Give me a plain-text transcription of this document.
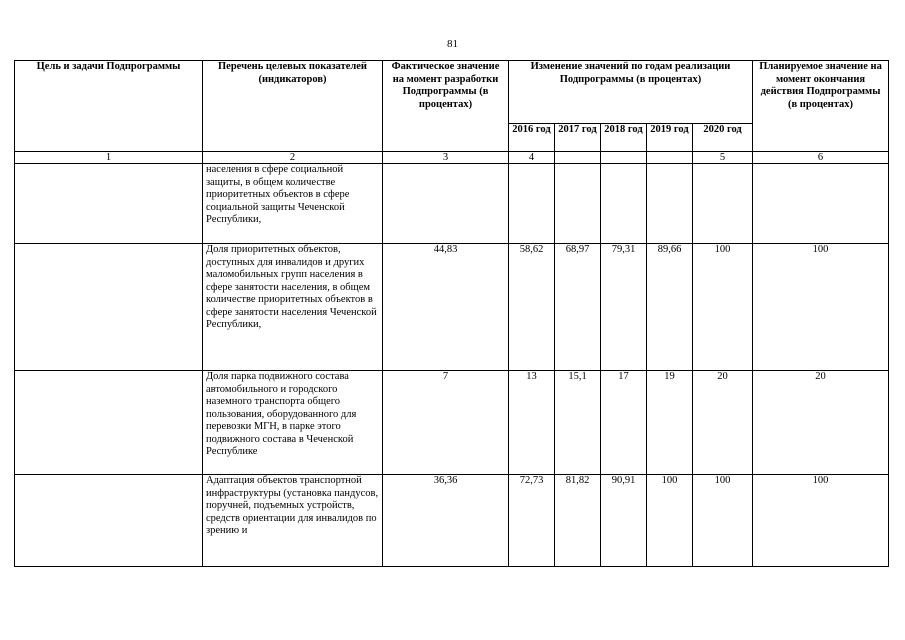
81
Цель и задачи Подпрограммы	Перечень целевых показателей (индикаторов)	Фактическое значение на момент разработки Подпрограммы (в процентах)	Изменение значений по годам реализации Подпрограммы (в процентах)					Планируемое значение на момент окончания действия Подпрограммы (в процентах)
			2016 год	2017 год	2018 год	2019 год	2020 год	
1	2	3	4				5	6
	населения в сфере социальной защиты, в общем количестве приоритетных объектов в сфере социальной защиты Чеченской Республики,							
	Доля приоритетных объектов, доступных для инвалидов и других маломобильных групп населения в сфере занятости населения, в общем количестве приоритетных объектов в сфере занятости населения Чеченской Республики,	44,83	58,62	68,97	79,31	89,66	100	100
	Доля парка подвижного состава автомобильного и городского наземного транспорта общего пользования, оборудованного для перевозки МГН, в парке этого подвижного состава в Чеченской Республике	7	13	15,1	17	19	20	20
	Адаптация объектов транспортной инфраструктуры (установка пандусов, поручней, подъемных устройств, средств ориентации для инвалидов по зрению и	36,36	72,73	81,82	90,91	100	100	100
